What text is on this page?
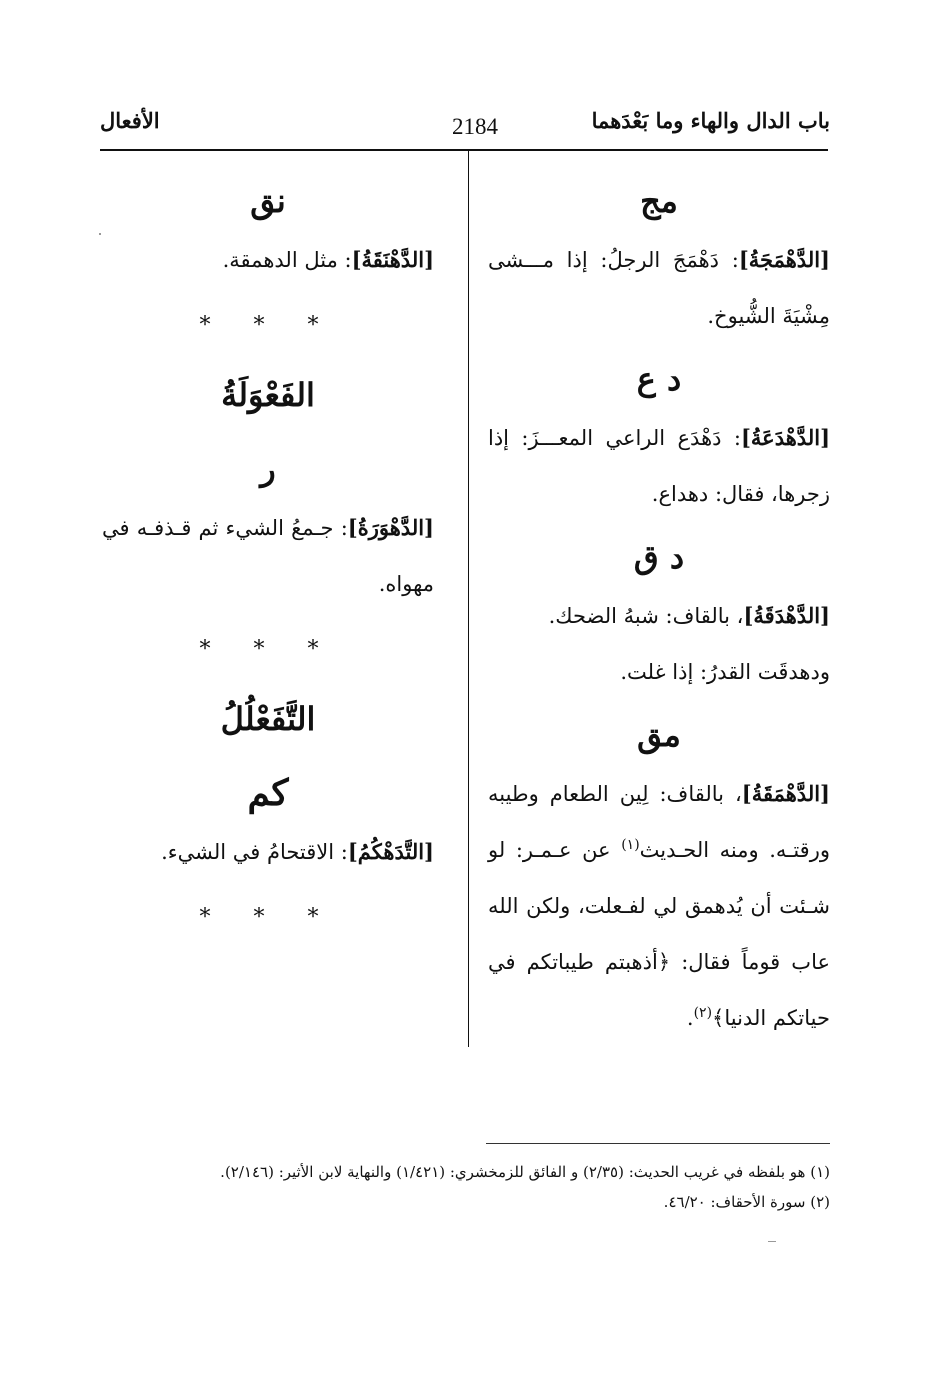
باب الدال والهاء وما بَعْدَهما
2184
الأفعال
مج

[الدَّهْمَجَةُ]: دَهْمَجَ الرجلُ: إذا مـــشى مِشْيَةَ الشُّيوخ.

د ع

[الدَّهْدَعَةُ]: دَهْدَع الراعي المعـــزَ: إذا زجرها، فقال: دهداع.

د ق

[الدَّهْدَقَةُ]، بالقاف: شبهُ الضحك.

ودهدقَت القدرُ: إذا غلت.

مق

[الدَّهْمَقَةُ]، بالقاف: لِين الطعام وطيبه ورقتـه. ومنه الحـديث$^{(١)}$ عن عـمـر: لو شـئت أن يُدهمق لي لفـعلت، ولكن الله عاب قوماً فقال: ﴿أذهبتم طيباتكم في حياتكم الدنيا﴾$^{(٢)}$.

نق

[الدَّهْنَقَةُ]: مثل الدهمقة.

* * *
الفَعْوَلَةُ
ر

[الدَّهْوَرَةُ]: جـمعُ الشيء ثم قـذفـه في مهواه.

* * *
التَّفَعْلُلُ
كم

[التَّدَهْكُمُ]: الاقتحامُ في الشيء.

* * *

(١) هو بلفظه في غريب الحديث: (٢/٣٥) و الفائق للزمخشري: (١/٤٢١) والنهاية لابن الأثير: (٢/١٤٦).

(٢) سورة الأحقاف: ٤٦/٢٠.
